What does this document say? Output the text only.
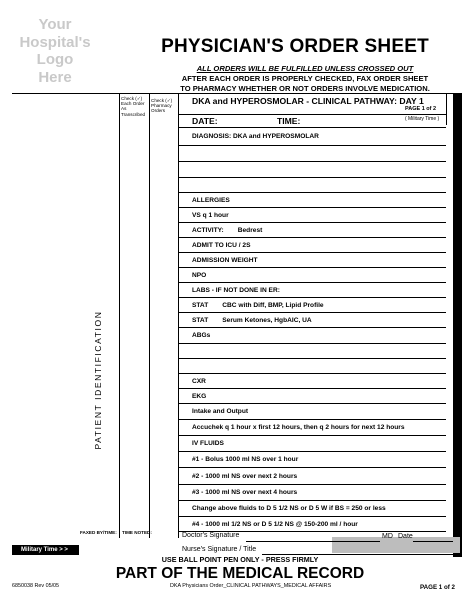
Your
Hospital's
Logo
Here
PHYSICIAN'S ORDER SHEET
ALL ORDERS WILL BE FULFILLED UNLESS CROSSED OUT
AFTER EACH ORDER IS PROPERLY CHECKED, FAX ORDER SHEET
TO PHARMACY WHETHER OR NOT ORDERS INVOLVE MEDICATION.
Check (✓) Each Order As Transcribed
Check (✓) Pharmacy Orders
PATIENT IDENTIFICATION
DKA and HYPEROSMOLAR - CLINICAL PATHWAY: DAY 1
DATE:	TIME:
DIAGNOSIS: DKA and HYPEROSMOLAR
ALLERGIES
VS q 1 hour
ACTIVITY: Bedrest
ADMIT TO ICU / 2S
ADMISSION WEIGHT
NPO
LABS - IF NOT DONE IN ER:
STAT CBC with Diff, BMP, Lipid Profile
STAT Serum Ketones, HgbAIC, UA
ABGs
CXR
EKG
Intake and Output
Accuchek q 1 hour x first 12 hours, then q 2 hours for next 12 hours
IV FLUIDS
#1 - Bolus 1000 ml NS over 1 hour
#2 - 1000 ml NS over next 2 hours
#3 - 1000 ml NS over next 4 hours
Change above fluids to D 5 1/2 NS or D 5 W if BS = 250 or less
#4 - 1000 ml 1/2 NS or D 5 1/2 NS @ 150-200 ml / hour
PAGE 1 of 2
( Military Time )
FAXED BY/TIME: TIME NOTED:	Doctor's Signature	MD Date
Nurse's Signature / Title
Military Time > >
USE BALL POINT PEN ONLY - PRESS FIRMLY
PART OF THE MEDICAL RECORD
6850038 Rev 05/05	DKA Physicians Order_CLINICAL PATHWAYS_MEDICAL AFFAIRS	PAGE 1 of 2
